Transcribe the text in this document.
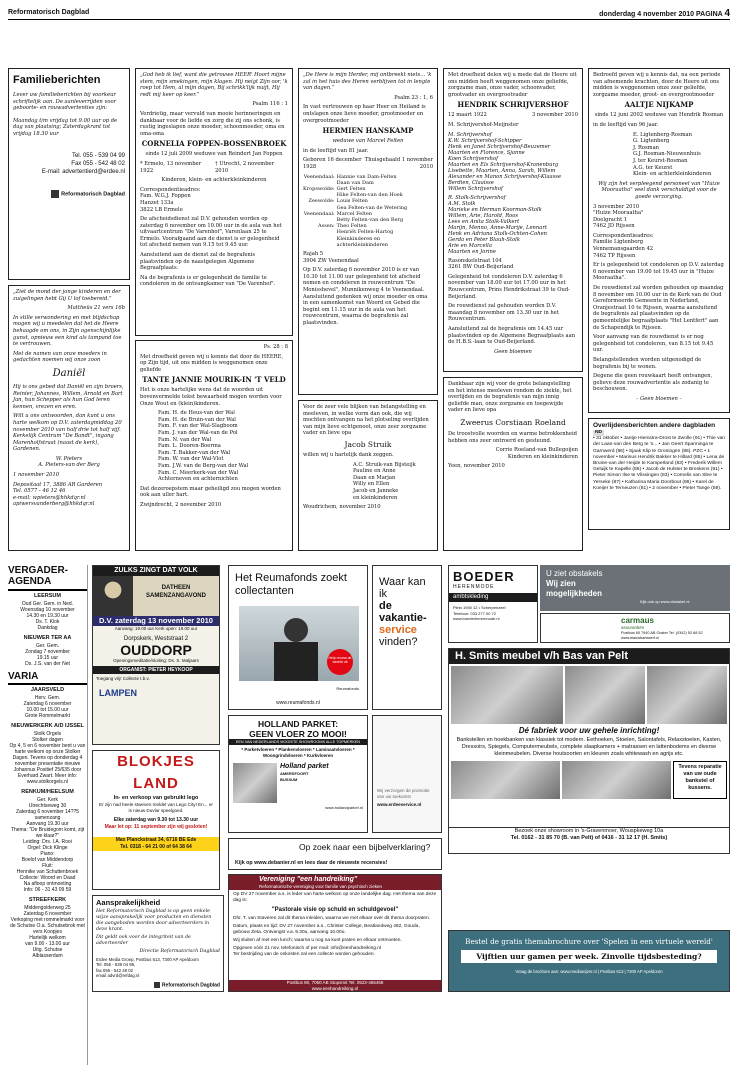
Reformatorisch Dagblad	donderdag 4 november 2010 PAGINA 4
Familieberichten

Lever uw familieberichten bij voorkeur schriftelijk aan. De aanleverrijden voor geboorte- en rouwadvertenties zijn:

Maandag t/m vrijdag tot 9.00 uur op de dag van plaatsing; Zaterdagkrant tot vrijdag 18.30 uur

Tel. 055 - 539 04 99
Fax 055 - 542 48 02
E-mail: advertentierd@erdee.nl
Reformatorisch Dagblad

„Ziet de mond der jonge kinderen en der zuigelingen hebt Gij U lof toebereid.”

Mattheüs 21 vers 16b

In stille verwondering en met blijdschap mogen wij u meedelen dat het de Heere behaagde om ons, in Zijn ogenschijnlijke gunst, opnieuw een kind als tampand toe te vertrouwen.

Met de namen van onze moeders in gedachten noemen wij onze zoon

Daniël

Hij is ons gebed dat Daniël en zijn broers, Reinier, Johannes, Willem, Arnold en Bart Jan, hun Schepper als hun God leren kennen, vrezen en eren.

Wilt u ons antwoorden, dan kunt u ons harte welkom op D.V. zaterdagmiddag 20 november 2010 van half drie tot half vijf. Kerkelijk Centrum "De Bandt", ingang Marenholfstraat (naast de kerk), Gardenen.

W. Pieters
A. Pieters-van der Berg

1 november 2010

Depositaat 17, 3886 AR Garderen
Tel. 0577 - 46 12 46
e-mail: wpieters@hhkdqr.nl
apiwersvanderberg@hhkdqr.nl

„God heb ik lief, want die getrouwe HEER' Hoort mijne stem, mijn smekingen, mijn klagen. Hij neigt Zijn oor, 'k roep tot Hem, al mijn dagen, Bij schrikk'lijk nuijt, Hij redt mij keer op keer.”

Psalm 116 : 1

Verdrietig, maar vervuld van mooie herinneringen en dankbaar voor de liefde en zorg die zij ons schonk, is rustig ingeslapen onze moeder, schoonmoeder, oma en oma-oma

CORNELIA FOPPEN-BOSSENBROEK

sinds 12 juli 2009 weduwe van Reindert Jan Foppen

* Ermelo, 13 november 1922
† Utrecht, 2 november 2010

Kinderen, klein- en achterkleinkinderen

Correspondentieadres:
Fam. W.G.J. Foppen
Hanzet 133a
3822 LB Ermelo

De afscheidsdienst zal D.V. gehouden worden op zaterdag 6 november om 10.00 uur in de aula van het uitvaartcentrum "De Varenhof", Varenlaan 25 te Ermelo. Voorafgaand aan de dienst is er gelegenheid tot afscheid nemen van 9.15 tot 9.45 uur.

Aansluitend aan de dienst zal de begrafenis plaatsvinden op de naastgelegen Algemene Begraafplaats.

Na de begrafenis is er gelegenheid de familie te condoleren in de ontvangkamer van "De Varenhof".

Ps. 28 : 8

Met droefheid geven wij u kennis dat door de HEERE, op Zijn tijd, uit ons midden is weggenomen onze geliefde

TANTE JANNIE MOURIK-IN 'T VELD

Het is onze hartelijke wens dat de woorden uit bovenvermelde tekst bewaarheid mogen worden voor Onze Wout en (klein)kinderen.

Fam. H. de Heus-van der Wal
Fam. H. de Bruin-van der Wal
Fam. F. van der Wal-Slagboom
Fam. J. van der Wal-van de Pol
Fam. N. van der Wal
Fam. L. Dooren-Boerma
Fam. T. Bakker-van der Wal
Fam. W. van der Wal-Vlot
Fam. J.W. van de Berg-van der Wal
Fam. C. Meerkerk-van der Wal
Achterneven en achternichten

Dat dezeroepstem maar geheiligd zou mogen worden ook aan uller hart.

Zwijndrecht, 2 november 2010

„De Here is mijn Herder, mij ontbreekt niets... 'k zal in het huis des Heren verblijven tot in lengte van dagen.”

Psalm 23 : 1, 6

In vast vertrouwen op haar Heer en Heiland is ontslapen onze lieve moeder, grootmoeder en overgrootmoeder

HERMIEN HANSKAMP

weduwe van Marcel Felten

in de leeftijd van 81 jaar.

Geboren 16 december 1928
Thuisgehaald 1 november 2010
Veenendaal:	Hannie van Dam-Felten
Daan van Dam
Kropswolde:	Gert Felten
Hike Felten-van den Hoek
Zeewolde:	Louis Felten
Gea Felten-van de Wetering
Veenendaal:	Marcel Felten
Betty Felten-van den Berg
Assen:	Theo Felten
Henriët Felten-Hartog
	Kleinkinderen en achterkleinkinderen

Rajah 5
3904 ZW Veenendaal

Op D.V. zaterdag 6 november 2010 is er van 10.30 tot 11.00 uur gelegenheid tot afscheid nemen en condoleren in rouwcentrum "De Monisshevel", Munnikenweg 4 te Veenendaal. Aansluitend gedenken wij onze moeder en oma in een samenkomst van Woord en Gebed die begint om 11.15 uur in de aula van het rouwcentrum, waarna de begrafenis zal plaatsvinden.

Voor de zeer vele blijken van belangstelling en meeleven, in welke vorm dan ook, die wij mochten ontvangen na het plotseling overlijden van mijn lieve echtgenoot, onze zeer zorgzame vader en lieve opa

Jacob Struik

willen wij u hartelijk dank zeggen.

A.C. Struik-van Bijsteijk
Pauline en Anne
Daan en Marjan
Willy en Ellen
Jacob en Janneke
en kleinkinderen

Woudrichem, november 2010

Met droefheid delen wij u mede dat de Heere uit ons midden heeft weggenomen onze geliefde, zorgzame man, onze vader, schoonvader, grootvader en overgrootvader

HENDRIK SCHRIJVERSHOF
12 maart 1922	3 november 2010

M. Schrijvershof-Meijnster

M. Schrijvershof
K.W. Schrijvershof-Schipper
Henk en Janet Schrijvershof-Beuzemer
Maarten en Florence, Sjanne
Koen Schrijvershof
Maarten en Els Schrijvershof-Kranenburg
Lisebette, Maarten, Anna, Sarah, Willem
Alexander en Manon Schrijvershof-Klaasse
Berdien, Claaisse
Willem Schrijvershof

R. Stolk-Schrijvershof
A.M. Stolk
Marieke en Herman Koorman-Stolk
Willem, Arie, Harold, Roos
Lees en Anita Stolk-Valkert
Marijn, Menno, Anne-Marije, Lennart
Henk en Adriana Stolk-Ochten-Cohen
Gerda en Peter Blauh-Stolk
Arie en Marcella
Maarten en Jorine

Rasonskelstraat 104
3261 BW Oud-Beijerland

Gelegenheid tot condoleren D.V. zaterdag 6 november van 18.00 uur tot 17.00 uur in het Rouwcentrum, Prins Hendrikstraat 39 te Oud-Beijerland.

De rouwdienst zal gehouden worden D.V. maandag 8 november om 13.30 uur in het Rouwcentrum.

Aansluitend zal de begrafenis om 14.45 uur plaatsvinden op de Algemene Begraafplaats aan de H.B.S.-laan te Oud-Beijerland.

Geen bloemen

Dankbaar zijn wij voor de grote belangstelling en het intense meeleven rondom de ziekte, het overlijden en de begrafenis van mijn innig geliefde man, onze zorgzame en toegewijde vader en lieve opa

Zweerus Corstiaan Roeland

De troostvolle woorden en warme betrokkenheid hebben ons zeer ontroerd en gesteund.

Corrie Roeland-van Bullegoijen
Kinderen en kleinkinderen

Yeen, november 2010

Bedroefd geven wij u kennis dat, na een periode van afnemende krachten, door de Heere uit ons midden is weggenomen onze zeer geliefde, zorgzame moeder, groot- en overgrootmoeder

AALTJE NIJKAMP

sinds 12 juni 2002 weduwe van Hendrik Rosman

in de leeftijd van 96 jaar.

E. Ligtenberg-Rosman
G. Ligtenberg
J. Rosman
G.J. Rosman-Nieuwenhuis
J. ter Keurst-Rosman
A.G. ter Keurst
Klein- en achterkleinkinderen

Wij zijn het verpleegend personeel van "Huize Mooraatha" veel dank verschuldigd voor de goede verzorging.

3 november 2010
"Huize Mooraatha"
Doelgracht 1
7462 JD Rijssen

Correspondentieadres:
Familie Ligtenberg
Vennemansgaarden 42
7462 TP Rijssen

Er is gelegenheid tot condoleren op D.V. zaterdag 6 november van 19.00 tot 19.45 uur in "Huize Mooraatha".

De rouwdienst zal worden gehouden op maandag 8 november om 10.00 uur in de Kerk van de Oud Gereformeerde Gemeente in Nederland, Oranjestraat 10 te Rijssen, waarna aansluitend de begrafenis zal plaatsvinden op de gemeentelijke begraafplaats "Het Lentfert" aan de Schapendijk te Rijssen.

Voor aanvang van de rouwdienst is er nog gelegenheid tot condoleren, van 8.15 tot 9.45 uur.

Belangstellenden worden uitgenodigd de begrafenis bij te wonen.

Degene die geen rouwkaart heeft ontvangen, gelieve deze rouwadvertentie als zodanig te beschouwen.

– Geen bloemen –

Overlijdensberichten andere dagbladen
ND
• 31 oktober • Jantje Hiemstra-Drost te Zwolle (91) • Thie van der Laan-van den Berg te 's... • Jan Geert Spanninga te Garnwerd (96) • Sjaak Klip te Groningen (86). PZC • 1 november • Marinus Hendrik Bakker te Hillard (85) • Lena de Bruine-van der Heijde te Kamperland (83) • Frederik Willem Geluijk te Kapelle (86) • Jacob de Hulster te Breskens (91) • Pieter Simon Ilse te Vlissingen (83) • Cornelis van Slee te Yerseke (87) • Katharina Maria Doorbout (86) • Karel de Koeijer te Terneuzen (81) • 2 november • Pieter Tange (89).
VERGADER-AGENDA
LEERSUM

Oud Ger. Gem. in Ned.
Woensdag 10 november
14.30 en 19.30 uur
Ds. T. Klok
Dankdag

NIEUWER TER AA

Ger. Gem.
Zondag 7 november
19.15 uur
Ds. J.S. van der Net

VARIA
JAARSVELD

Herv. Gem.
Zaterdag 6 november
10.00 tot 15.00 uur
Grote Rommelmarkt

NIEUWERKERK A/D IJSSEL

Stolk Orgels
Stolker dagen
Op 4, 5 en 6 november bent u van harte welkom op onze Stolker Dagen. Tevens op donderdag 4 november presentatie nieuwe Johannus Positief 25/635 door Everhard Zwart. Meer info: www.stolkorgels.nl

RENKUM/HEELSUM

Ger. Kerk
Utrechtseweg 30
Zaterdag 6 november 14??5 samenzang
Aanvang 19.30 uur
Thema: "De Bruidegom komt, zijt we klaar?"
Leiding: Drs. I.A. Rooi
Orgel: Dick Klinge
Piano:
Boelof van Middendorp
Fluit:
Hennike van Schuttenbroek
Collecte: Woord en Daad
Na afloop ontmoeting
Info: 06 - 31 43 09 59

STREEFKERK

Middengolderweg 25
Zaterdag 6 november
Verkoping met rommelmarkt voor de Schutse O.a. Schutsebrok met vers Koopjes
Hartelijk welkom
van 9.00 - 13.00 uur
Uitg. Schutse
Alblasserdam

ZULKS ZINGT DAT VOLK
DATHEEN SAMENZANGAVOND
D.V. zaterdag 13 november 2010
Aanvang: 19.00 uur Kerk open: 19.00 uur
Dorpskerk, Weststraat 2
OUDDORP
Openingsmeditatie/sluiting: Ds. S. Maljaars
ORGANIST: PIETER HEYKOOP
Toegang vrij! Collecte t.b.v.
LAMPEN
BLOKJES LAND
In- en verkoop van gebruikt lego
Er zijn nad heele stweven meldel van Lego City! En... er is nieuw Duvlar speelgoed.
Elke zaterdag van 9.30 tot 13.30 uur
Maar let op: 11 september zijn wij gesloten!
Max Planckstraat 34, 6716 BE Ede
Tel. 0318 - 64 21 00 of 64 38 64
Het Reumafonds zoekt collectanten
Help reuma de wereld uit
Reumafonds
www.reumafonds.nl
Waar kan ik
de
vakantie-
service
vinden?
HOLLAND PARKET:
GEEN VLOER ZO MOOI!
EEN VAN NEDERLANDS MOOISTE SHOWROOMS ALLE TOPMERKEN
* Parketvloeren * Plankenvloeren * Laminaatvloeren * Woongrindvloeren * Kurkvloeren
Holland parket
AMERSFOORT
BUSSUM
www.hollandparket.nl
Wij verzorgen de promotie van uw toekomst
www.erdeeservice.nl
BOEDER
HERENMODE
ambtskleding
Plein 1940 12 • Scherpenzeel
Telefoon: 033 277 00 72
www.boederherenmode.nl
U ziet obstakels
Wij zien
mogelijkheden
Kijk ook op www.obstakel.nl
carmaus
assurantiën
Postbus 65 7940 AB Ooster Tel. (0342) 52 68 52
www.blauwbartaxerf.nl
H. Smits meubel v/h Bas van Pelt
Dé fabriek voor uw gehele inrichting!
Bankstellen en hoekbanken van klassiek tot modern. Eethoeken, Stoelen, Salontafels, Relaxstoelen, Kasten, Dressoirs, Spiegels, Computermeubels, complete slaapkamers + matrassen en lattenbodems en diverse kleinmeubelen. Diverse houtsoorten en kleuren zoals whitewash en agrijs etc.
Tevens reparatie van uw oude bankstel of kussens.
Bezoek onze showroom in 's-Gravenmoer, Wouspkeweg 10a
Tel. 0162 - 31 85 70 (B. van Pelt) of 0416 - 31 12 17 (H. Smits)
Op zoek naar een bijbelverklaring?
Kijk op www.debanier.nl en lees daar de nieuwste recensies!
Vereniging "een handreiking"
Reformatorische vereniging voor familie van psychisch zieken

Op DV 27 november a.s. is leder van harte welkom op onze landelijke dag. Het thema van deze dag is:

"Pastorale visie op schuld en schuldgevoel"

Dhr. T. van Staveren zal dit thema inleiden, waarna we met elkaar over dit thema doorpraten.

Datum, plaats en tijd: DV 27 november a.s., Christer College, Beatlandweg 492, Gouda, gebouw Zeta. Ontvangst v.a. 9.30u, aanvang 10.00u.

Wij sluiten af met een lunch; waarna u nog na kunt praten en elkaar ontmoeten.

Opgeven vóór 21 nov. telefonisch of per mail: info@eenhandreiking.nl
Ter bestrijding van de onkosten zal een collecte worden gehouden.

Postbus 80, 7060 AB Stopsmit Tel. 0522-465468
www.eenhandreiking.nl
Aansprakelijkheid

Het Reformatorisch Dagblad is op geen enkele wijze aansprakelijk voor producten en diensten die aangeboden worden door adverteerders in deze krant.

Dit geldt ook voor de integriteit van de adverteerder

Directie Reformatorisch Dagblad

Erdee Media Groep, Postbus 613, 7300 AP Apeldoorn
Tel. 055 - 539 04 99,
fax 055 - 542 48 02
email advrd@refdag.nl
Reformatorisch Dagblad
Bestel de gratis themabrochure over 'Spelen in een virtuele wereld'
Vijftien uur gamen per week. Zinvolle tijdsbesteding?
Vraag de brochure aan: www.mediawijzer.nl | Postbus 613 | 7300 AP Apeldoorn
